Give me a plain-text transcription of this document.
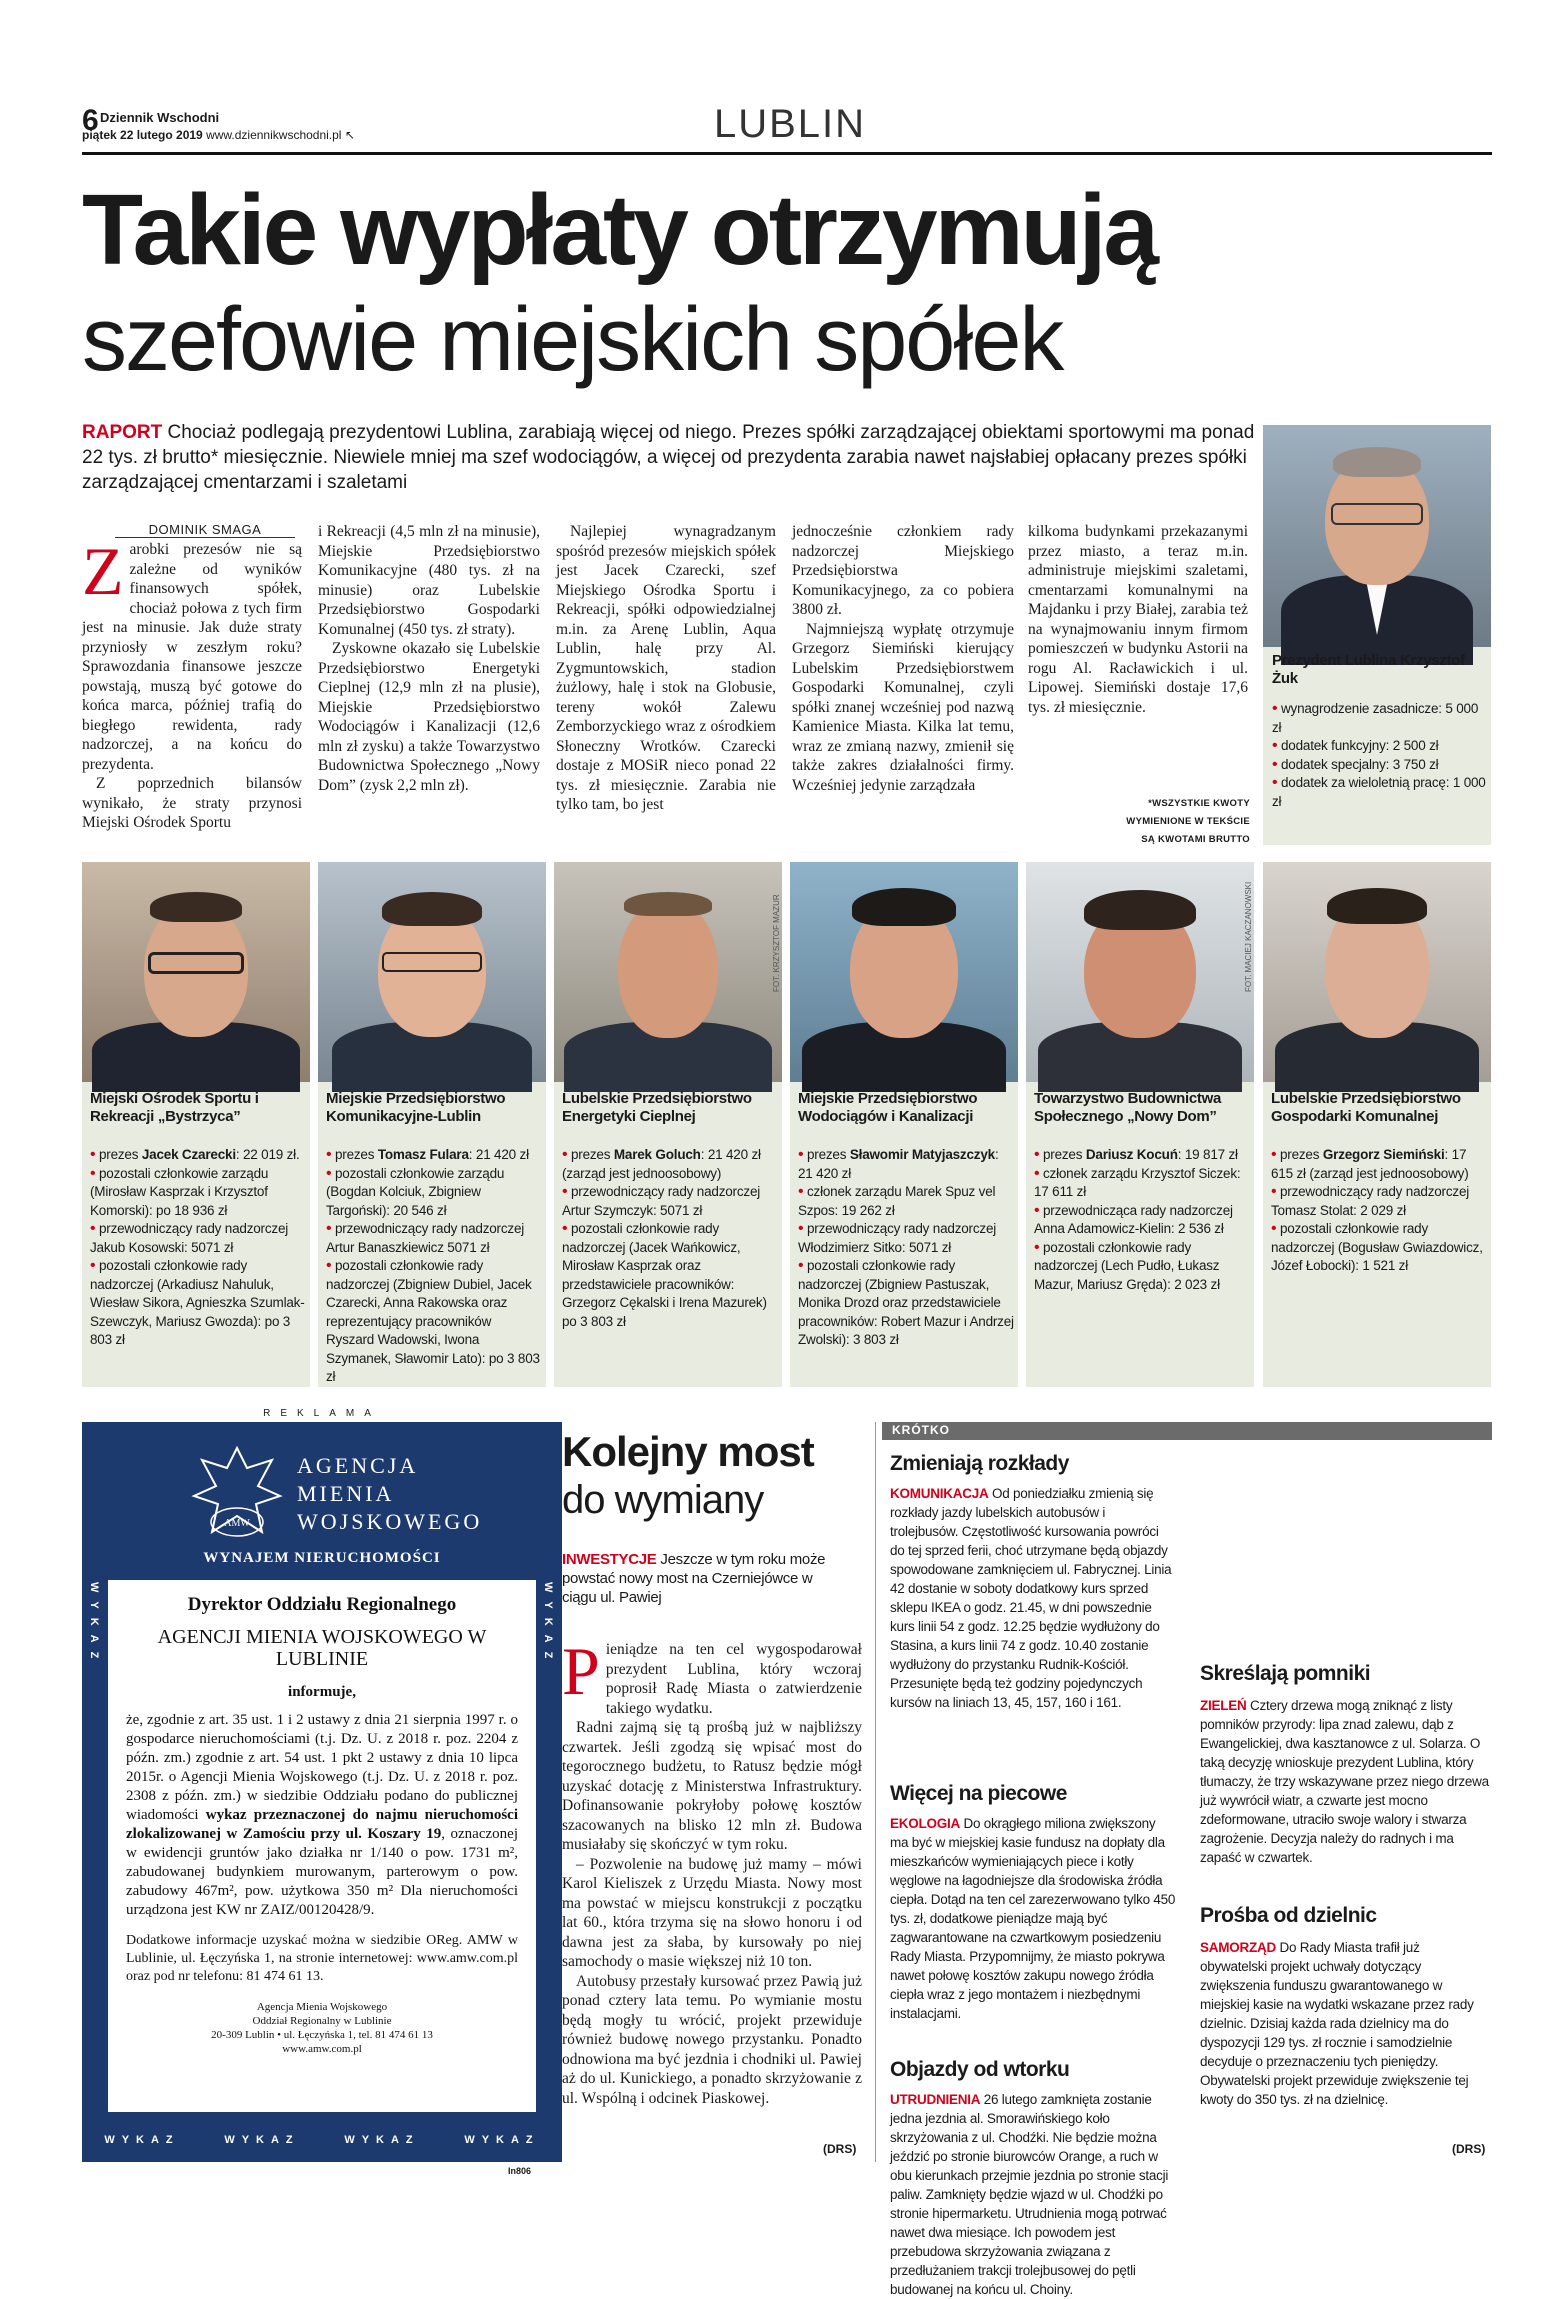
6 Dziennik Wschodni
piątek 22 lutego 2019 www.dziennikwschodni.pl ↖	LUBLIN
Takie wypłaty otrzymują
szefowie miejskich spółek
RAPORT Chociaż podlegają prezydentowi Lublina, zarabiają więcej od niego. Prezes spółki zarządzającej obiektami sportowymi ma ponad 22 tys. zł brutto* miesięcznie. Niewiele mniej ma szef wodociągów, a więcej od prezydenta zarabia nawet najsłabiej opłacany prezes spółki zarządzającej cmentarzami i szaletami
DOMINIK SMAGA
Z arobki prezesów nie są zależne od wyników finansowych spółek, chociaż połowa z tych firm jest na minusie. Jak duże straty przyniosły w zeszłym roku? Sprawozdania finansowe jeszcze powstają, muszą być gotowe do końca marca, później trafią do biegłego rewidenta, rady nadzorczej, a na końcu do prezydenta.

Z poprzednich bilansów wynikało, że straty przynosi Miejski Ośrodek Sportu

i Rekreacji (4,5 mln zł na minusie), Miejskie Przedsiębiorstwo Komunikacyjne (480 tys. zł na minusie) oraz Lubelskie Przedsiębiorstwo Gospodarki Komunalnej (450 tys. zł straty).

Zyskowne okazało się Lubelskie Przedsiębiorstwo Energetyki Cieplnej (12,9 mln zł na plusie), Miejskie Przedsiębiorstwo Wodociągów i Kanalizacji (12,6 mln zł zysku) a także Towarzystwo Budownictwa Społecznego „Nowy Dom” (zysk 2,2 mln zł).

Najlepiej wynagradzanym spośród prezesów miejskich spółek jest Jacek Czarecki, szef Miejskiego Ośrodka Sportu i Rekreacji, spółki odpowiedzialnej m.in. za Arenę Lublin, Aqua Lublin, halę przy Al. Zygmuntowskich, stadion żużlowy, halę i stok na Globusie, tereny wokół Zalewu Zemborzyckiego wraz z ośrodkiem Słoneczny Wrotków. Czarecki dostaje z MOSiR nieco ponad 22 tys. zł miesięcznie. Zarabia nie tylko tam, bo jest

jednocześnie członkiem rady nadzorczej Miejskiego Przedsiębiorstwa Komunikacyjnego, za co pobiera 3800 zł.

Najmniejszą wypłatę otrzymuje Grzegorz Siemiński kierujący Lubelskim Przedsiębiorstwem Gospodarki Komunalnej, czyli spółki znanej wcześniej pod nazwą Kamienice Miasta. Kilka lat temu, wraz ze zmianą nazwy, zmienił się także zakres działalności firmy. Wcześniej jedynie zarządzała

kilkoma budynkami przekazanymi przez miasto, a teraz m.in. administruje miejskimi szaletami, cmentarzami komunalnymi na Majdanku i przy Białej, zarabia też na wynajmowaniu innym firmom pomieszczeń w budynku Astorii na rogu Al. Racławickich i ul. Lipowej. Siemiński dostaje 17,6 tys. zł miesięcznie.

*WSZYSTKIE KWOTY WYMIENIONE W TEKŚCIE SĄ KWOTAMI BRUTTO
Prezydent Lublina Krzysztof Żuk
• wynagrodzenie zasadnicze: 5 000 zł
• dodatek funkcyjny: 2 500 zł
• dodatek specjalny: 3 750 zł
• dodatek za wieloletnią pracę: 1 000 zł
Miejski Ośrodek Sportu i Rekreacji „Bystrzyca”
• prezes Jacek Czarecki: 22 019 zł.
• pozostali członkowie zarządu (Mirosław Kasprzak i Krzysztof Komorski): po 18 936 zł
• przewodniczący rady nadzorczej Jakub Kosowski: 5071 zł
• pozostali członkowie rady nadzorczej (Arkadiusz Nahuluk, Wiesław Sikora, Agnieszka Szumlak-Szewczyk, Mariusz Gwozda): po 3 803 zł
Miejskie Przedsiębiorstwo Komunikacyjne-Lublin
• prezes Tomasz Fulara: 21 420 zł
• pozostali członkowie zarządu (Bogdan Kolciuk, Zbigniew Targoński): 20 546 zł
• przewodniczący rady nadzorczej Artur Banaszkiewicz 5071 zł
• pozostali członkowie rady nadzorczej (Zbigniew Dubiel, Jacek Czarecki, Anna Rakowska oraz reprezentujący pracowników Ryszard Wadowski, Iwona Szymanek, Sławomir Lato): po 3 803 zł
FOT. KRZYSZTOF MAZUR
Lubelskie Przedsiębiorstwo Energetyki Cieplnej
• prezes Marek Goluch: 21 420 zł (zarząd jest jednoosobowy)
• przewodniczący rady nadzorczej Artur Szymczyk: 5071 zł
• pozostali członkowie rady nadzorczej (Jacek Wańkowicz, Mirosław Kasprzak oraz przedstawiciele pracowników: Grzegorz Cękalski i Irena Mazurek) po 3 803 zł
Miejskie Przedsiębiorstwo Wodociągów i Kanalizacji
• prezes Sławomir Matyjaszczyk: 21 420 zł
• członek zarządu Marek Spuz vel Szpos: 19 262 zł
• przewodniczący rady nadzorczej Włodzimierz Sitko: 5071 zł
• pozostali członkowie rady nadzorczej (Zbigniew Pastuszak, Monika Drozd oraz przedstawiciele pracowników: Robert Mazur i Andrzej Zwolski): 3 803 zł
FOT. MACIEJ KACZANOWSKI
Towarzystwo Budownictwa Społecznego „Nowy Dom”
• prezes Dariusz Kocuń: 19 817 zł
• członek zarządu Krzysztof Siczek: 17 611 zł
• przewodnicząca rady nadzorczej Anna Adamowicz-Kielin: 2 536 zł
• pozostali członkowie rady nadzorczej (Lech Pudło, Łukasz Mazur, Mariusz Gręda): 2 023 zł
Lubelskie Przedsiębiorstwo Gospodarki Komunalnej
• prezes Grzegorz Siemiński: 17 615 zł (zarząd jest jednoosobowy)
• przewodniczący rady nadzorczej Tomasz Stolat: 2 029 zł
• pozostali członkowie rady nadzorczej (Bogusław Gwiazdowicz, Józef Łobocki): 1 521 zł
REKLAMA
AMW
AGENCJA
MIENIA
WOJSKOWEGO
WYNAJEM NIERUCHOMOŚCI
WYKAZ	WYKAZ
Dyrektor Oddziału Regionalnego
AGENCJI MIENIA WOJSKOWEGO W LUBLINIE
informuje,
że, zgodnie z art. 35 ust. 1 i 2 ustawy z dnia 21 sierpnia 1997 r. o gospodarce nieruchomościami (t.j. Dz. U. z 2018 r. poz. 2204 z późn. zm.) zgodnie z art. 54 ust. 1 pkt 2 ustawy z dnia 10 lipca 2015r. o Agencji Mienia Wojskowego (t.j. Dz. U. z 2018 r. poz. 2308 z późn. zm.) w siedzibie Oddziału podano do publicznej wiadomości wykaz przeznaczonej do najmu nieruchomości zlokalizowanej w Zamościu przy ul. Koszary 19, oznaczonej w ewidencji gruntów jako działka nr 1/140 o pow. 1731 m², zabudowanej budynkiem murowanym, parterowym o pow. zabudowy 467m², pow. użytkowa 350 m² Dla nieruchomości urządzona jest KW nr ZAIZ/00120428/9.
Dodatkowe informacje uzyskać można w siedzibie OReg. AMW w Lublinie, ul. Łęczyńska 1, na stronie internetowej: www.amw.com.pl oraz pod nr telefonu: 81 474 61 13.
Agencja Mienia Wojskowego
Oddział Regionalny w Lublinie
20-309 Lublin • ul. Łęczyńska 1, tel. 81 474 61 13
www.amw.com.pl
WYKAZ	WYKAZ	WYKAZ	WYKAZ
In806
Kolejny most
do wymiany
INWESTYCJE Jeszcze w tym roku może powstać nowy most na Czerniejówce w ciągu ul. Pawiej
P ieniądze na ten cel wygospodarował prezydent Lublina, który wczoraj poprosił Radę Miasta o zatwierdzenie takiego wydatku.

Radni zajmą się tą prośbą już w najbliższy czwartek. Jeśli zgodzą się wpisać most do tegorocznego budżetu, to Ratusz będzie mógł uzyskać dotację z Ministerstwa Infrastruktury. Dofinansowanie pokryłoby połowę kosztów szacowanych na blisko 12 mln zł. Budowa musiałaby się skończyć w tym roku.

– Pozwolenie na budowę już mamy – mówi Karol Kieliszek z Urzędu Miasta. Nowy most ma powstać w miejscu konstrukcji z początku lat 60., która trzyma się na słowo honoru i od dawna jest za słaba, by kursowały po niej samochody o masie większej niż 10 ton.

Autobusy przestały kursować przez Pawią już ponad cztery lata temu. Po wymianie mostu będą mogły tu wrócić, projekt przewiduje również budowę nowego przystanku. Ponadto odnowiona ma być jezdnia i chodniki ul. Pawiej aż do ul. Kunickiego, a ponadto skrzyżowanie z ul. Wspólną i odcinek Piaskowej.

(DRS)
KRÓTKO
Zmieniają rozkłady
KOMUNIKACJA Od poniedziałku zmienią się rozkłady jazdy lubelskich autobusów i trolejbusów. Częstotliwość kursowania powróci do tej sprzed ferii, choć utrzymane będą objazdy spowodowane zamknięciem ul. Fabrycznej. Linia 42 dostanie w soboty dodatkowy kurs sprzed sklepu IKEA o godz. 21.45, w dni powszednie kurs linii 54 z godz. 12.25 będzie wydłużony do Stasina, a kurs linii 74 z godz. 10.40 zostanie wydłużony do przystanku Rudnik-Kościół. Przesunięte będą też godziny pojedynczych kursów na liniach 13, 45, 157, 160 i 161.
Więcej na piecowe
EKOLOGIA Do okrągłego miliona zwiększony ma być w miejskiej kasie fundusz na dopłaty dla mieszkańców wymieniających piece i kotły węglowe na łagodniejsze dla środowiska źródła ciepła. Dotąd na ten cel zarezerwowano tylko 450 tys. zł, dodatkowe pieniądze mają być zagwarantowane na czwartkowym posiedzeniu Rady Miasta. Przypomnijmy, że miasto pokrywa nawet połowę kosztów zakupu nowego źródła ciepła wraz z jego montażem i niezbędnymi instalacjami.
Objazdy od wtorku
UTRUDNIENIA 26 lutego zamknięta zostanie jedna jezdnia al. Smorawińskiego koło skrzyżowania z ul. Chodźki. Nie będzie można jeździć po stronie biurowców Orange, a ruch w obu kierunkach przejmie jezdnia po stronie stacji paliw. Zamknięty będzie wjazd w ul. Chodźki po stronie hipermarketu. Utrudnienia mogą potrwać nawet dwa miesiące. Ich powodem jest przebudowa skrzyżowania związana z przedłużaniem trakcji trolejbusowej do pętli budowanej na końcu ul. Choiny.
Skreślają pomniki
ZIELEŃ Cztery drzewa mogą zniknąć z listy pomników przyrody: lipa znad zalewu, dąb z Ewangelickiej, dwa kasztanowce z ul. Solarza. O taką decyzję wnioskuje prezydent Lublina, który tłumaczy, że trzy wskazywane przez niego drzewa już wywrócił wiatr, a czwarte jest mocno zdeformowane, utraciło swoje walory i stwarza zagrożenie. Decyzja należy do radnych i ma zapaść w czwartek.
Prośba od dzielnic
SAMORZĄD Do Rady Miasta trafił już obywatelski projekt uchwały dotyczący zwiększenia funduszu gwarantowanego w miejskiej kasie na wydatki wskazane przez rady dzielnic. Dzisiaj każda rada dzielnicy ma do dyspozycji 129 tys. zł rocznie i samodzielnie decyduje o przeznaczeniu tych pieniędzy. Obywatelski projekt przewiduje zwiększenie tej kwoty do 350 tys. zł na dzielnicę.
(DRS)
